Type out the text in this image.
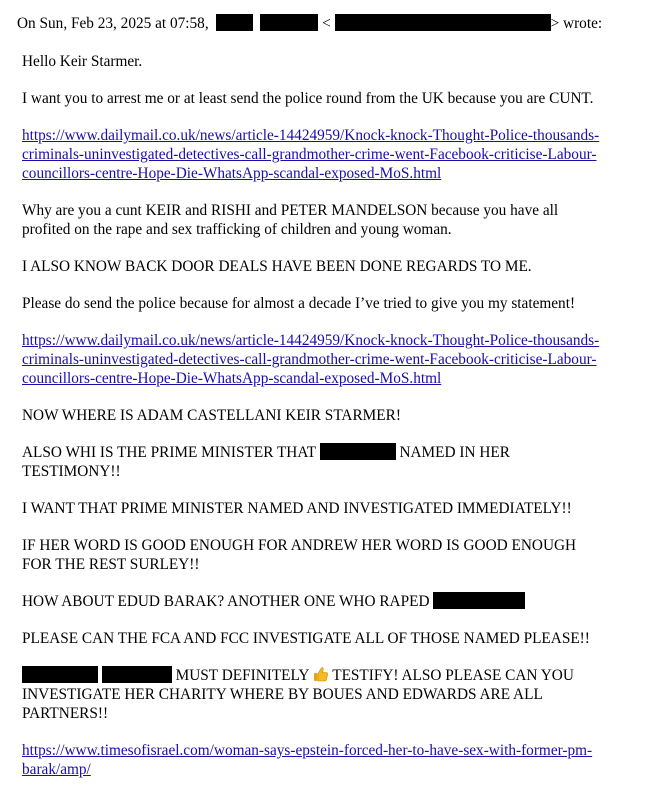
On Sun, Feb 23, 2025 at 07:58,	<	> wrote:

Hello Keir Starmer.

I want you to arrest me or at least send the police round from the UK because you are CUNT.

https://www.dailymail.co.uk/news/article-14424959/Knock-knock-Thought-Police-thousands-
criminals-uninvestigated-detectives-call-grandmother-crime-went-Facebook-criticise-Labour-
councillors-centre-Hope-Die-WhatsApp-scandal-exposed-MoS.html

Why are you a cunt KEIR and RISHI and PETER MANDELSON because you have all
profited on the rape and sex trafficking of children and young woman.

I ALSO KNOW BACK DOOR DEALS HAVE BEEN DONE REGARDS TO ME.

Please do send the police because for almost a decade I’ve tried to give you my statement!

https://www.dailymail.co.uk/news/article-14424959/Knock-knock-Thought-Police-thousands-
criminals-uninvestigated-detectives-call-grandmother-crime-went-Facebook-criticise-Labour-
councillors-centre-Hope-Die-WhatsApp-scandal-exposed-MoS.html

NOW WHERE IS ADAM CASTELLANI KEIR STARMER!

ALSO WHI IS THE PRIME MINISTER THAT	NAMED IN HER
TESTIMONY!!

I WANT THAT PRIME MINISTER NAMED AND INVESTIGATED IMMEDIATELY!!

IF HER WORD IS GOOD ENOUGH FOR ANDREW HER WORD IS GOOD ENOUGH
FOR THE REST SURLEY!!

HOW ABOUT EDUD BARAK? ANOTHER ONE WHO RAPED

PLEASE CAN THE FCA AND FCC INVESTIGATE ALL OF THOSE NAMED PLEASE!!

MUST DEFINITELY TESTIFY! ALSO PLEASE CAN YOU
INVESTIGATE HER CHARITY WHERE BY BOUES AND EDWARDS ARE ALL
PARTNERS!!

https://www.timesofisrael.com/woman-says-epstein-forced-her-to-have-sex-with-former-pm-
barak/amp/
